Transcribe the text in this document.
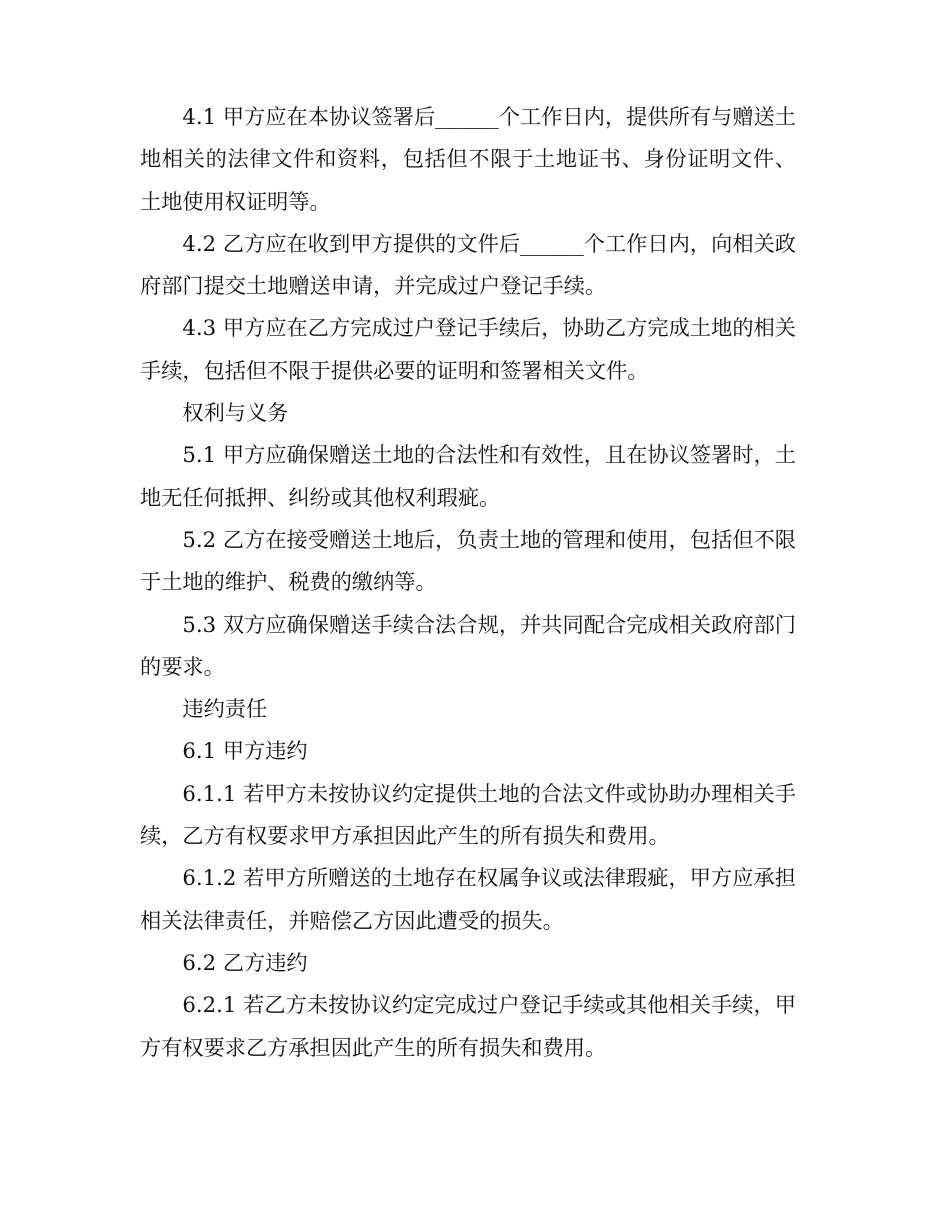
4.1 甲方应在本协议签署后______个工作日内，提供所有与赠送土地相关的法律文件和资料，包括但不限于土地证书、身份证明文件、土地使用权证明等。

4.2 乙方应在收到甲方提供的文件后______个工作日内，向相关政府部门提交土地赠送申请，并完成过户登记手续。

4.3 甲方应在乙方完成过户登记手续后，协助乙方完成土地的相关手续，包括但不限于提供必要的证明和签署相关文件。

权利与义务

5.1 甲方应确保赠送土地的合法性和有效性，且在协议签署时，土地无任何抵押、纠纷或其他权利瑕疵。

5.2 乙方在接受赠送土地后，负责土地的管理和使用，包括但不限于土地的维护、税费的缴纳等。

5.3 双方应确保赠送手续合法合规，并共同配合完成相关政府部门的要求。

违约责任

6.1 甲方违约

6.1.1 若甲方未按协议约定提供土地的合法文件或协助办理相关手续，乙方有权要求甲方承担因此产生的所有损失和费用。

6.1.2 若甲方所赠送的土地存在权属争议或法律瑕疵，甲方应承担相关法律责任，并赔偿乙方因此遭受的损失。

6.2 乙方违约

6.2.1 若乙方未按协议约定完成过户登记手续或其他相关手续，甲方有权要求乙方承担因此产生的所有损失和费用。
